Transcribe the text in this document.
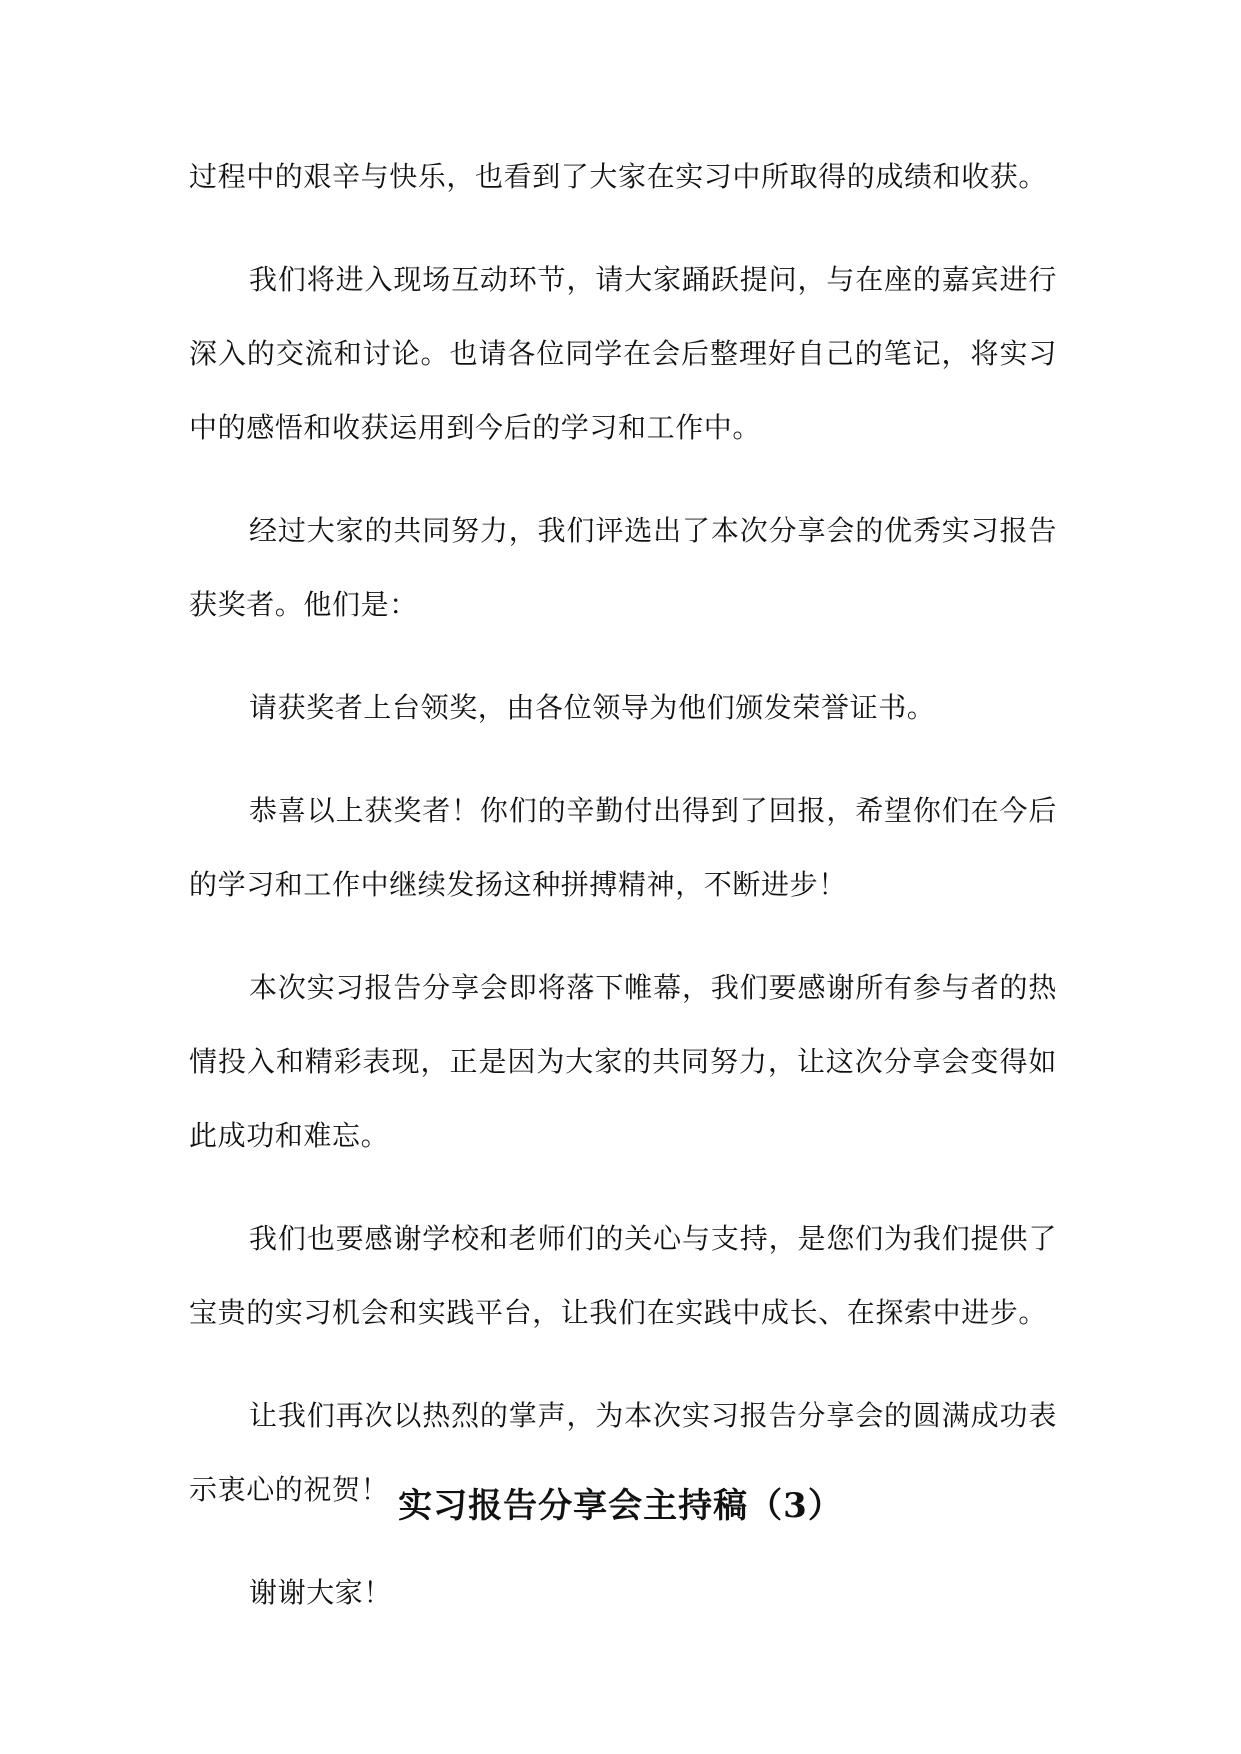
过程中的艰辛与快乐，也看到了大家在实习中所取得的成绩和收获。

我们将进入现场互动环节，请大家踊跃提问，与在座的嘉宾进行深入的交流和讨论。也请各位同学在会后整理好自己的笔记，将实习中的感悟和收获运用到今后的学习和工作中。

经过大家的共同努力，我们评选出了本次分享会的优秀实习报告获奖者。他们是：

请获奖者上台领奖，由各位领导为他们颁发荣誉证书。

恭喜以上获奖者！你们的辛勤付出得到了回报，希望你们在今后的学习和工作中继续发扬这种拼搏精神，不断进步！

本次实习报告分享会即将落下帷幕，我们要感谢所有参与者的热情投入和精彩表现，正是因为大家的共同努力，让这次分享会变得如此成功和难忘。

我们也要感谢学校和老师们的关心与支持，是您们为我们提供了宝贵的实习机会和实践平台，让我们在实践中成长、在探索中进步。

让我们再次以热烈的掌声，为本次实习报告分享会的圆满成功表示衷心的祝贺！

谢谢大家！

实习报告分享会主持稿（3）
